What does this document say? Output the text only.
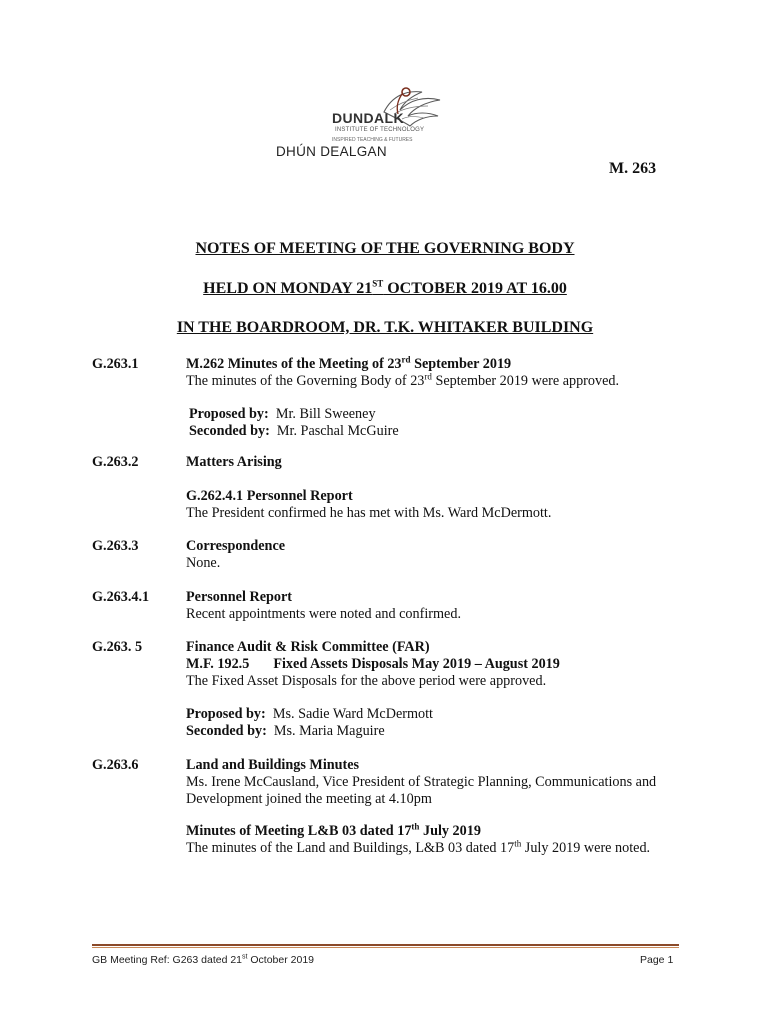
DUNDALK
INSTITUTE OF TECHNOLOGY
INSPIRED TEACHING & FUTURES
DHÚN DEALGAN
M. 263
NOTES OF MEETING OF THE GOVERNING BODY
HELD ON MONDAY 21ST OCTOBER 2019 AT 16.00
IN THE BOARDROOM, DR. T.K. WHITAKER BUILDING
G.263.1	M.262 Minutes of the Meeting of 23rd September 2019
The minutes of the Governing Body of 23rd September 2019 were approved.
Proposed by: Mr. Bill Sweeney
Seconded by: Mr. Paschal McGuire
G.263.2	Matters Arising
G.262.4.1 Personnel Report
The President confirmed he has met with Ms. Ward McDermott.
G.263.3	Correspondence
None.
G.263.4.1	Personnel Report
Recent appointments were noted and confirmed.
G.263. 5	Finance Audit & Risk Committee (FAR)
M.F. 192.5 Fixed Assets Disposals May 2019 – August 2019
The Fixed Asset Disposals for the above period were approved.
Proposed by: Ms. Sadie Ward McDermott
Seconded by: Ms. Maria Maguire
G.263.6	Land and Buildings Minutes
Ms. Irene McCausland, Vice President of Strategic Planning, Communications and Development joined the meeting at 4.10pm
Minutes of Meeting L&B 03 dated 17th July 2019
The minutes of the Land and Buildings, L&B 03 dated 17th July 2019 were noted.
GB Meeting Ref: G263 dated 21st October 2019	Page 1
